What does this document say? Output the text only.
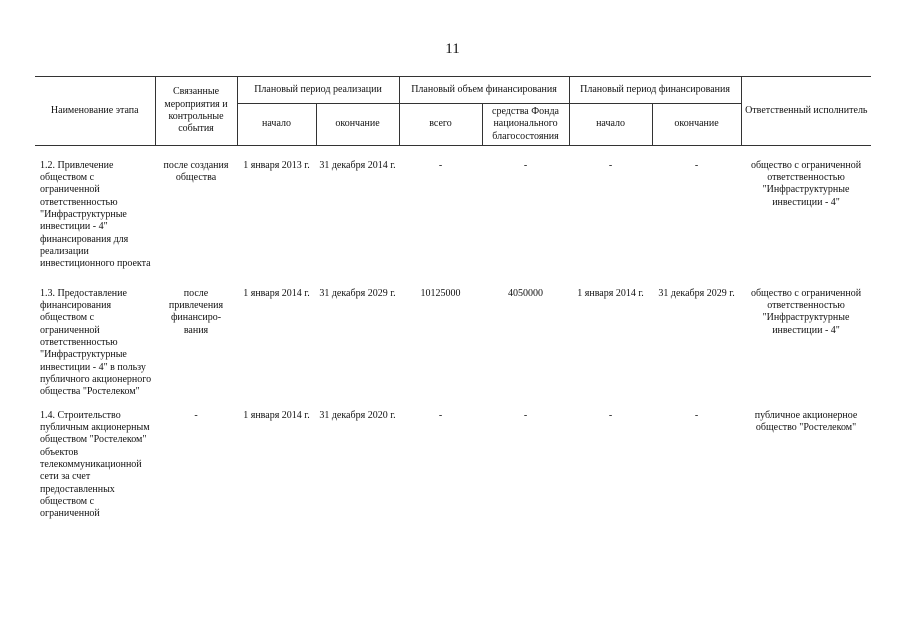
11
Наименование этапа	Связанные мероприятия и контрольные события	Плановый период реализации		Плановый объем финансирования		Плановый период финансирования		Ответственный исполнитель
		начало	окончание	всего	средства Фонда национального благосостояния	начало	окончание	

1.2. Привлечение обществом с ограниченной ответственностью "Инфраструктурные инвестиции - 4" финансирования для реализации инвестиционного проекта	после создания общества	1 января 2013 г.	31 декабря 2014 г.	-	-	-	-	общество с ограниченной ответственностью "Инфраструктурные инвестиции - 4"
1.3. Предоставление финансирования обществом с ограниченной ответственностью "Инфраструктурные инвестиции - 4" в пользу публичного акционерного общества "Ростелеком"	после привлечения финансиро- вания	1 января 2014 г.	31 декабря 2029 г.	10125000	4050000	1 января 2014 г.	31 декабря 2029 г.	общество с ограниченной ответственностью "Инфраструктурные инвестиции - 4"
1.4. Строительство публичным акционерным обществом "Ростелеком" объектов телекоммуникационной сети за счет предоставленных обществом с ограниченной	-	1 января 2014 г.	31 декабря 2020 г.	-	-	-	-	публичное акционерное общество "Ростелеком"
